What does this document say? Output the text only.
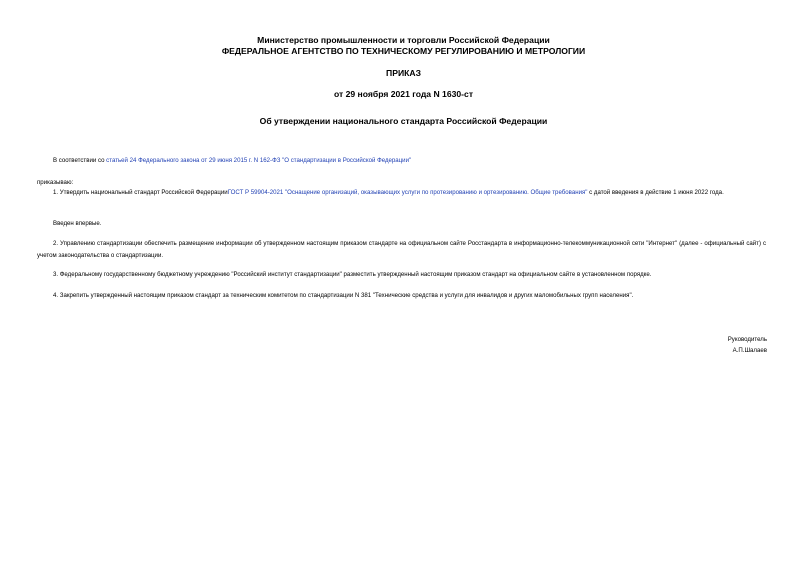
Министерство промышленности и торговли Российской Федерации
ФЕДЕРАЛЬНОЕ АГЕНТСТВО ПО ТЕХНИЧЕСКОМУ РЕГУЛИРОВАНИЮ И МЕТРОЛОГИИ
ПРИКАЗ
от 29 ноября 2021 года N 1630-ст
Об утверждении национального стандарта Российской Федерации
В соответствии со статьей 24 Федерального закона от 29 июня 2015 г. N 162-ФЗ "О стандартизации в Российской Федерации"
приказываю:
1. Утвердить национальный стандарт Российской ФедерацииГОСТ Р 59904-2021 "Оснащение организаций, оказывающих услуги по протезированию и ортезированию. Общие требования" с датой введения в действие 1 июня 2022 года.
Введен впервые.
2. Управлению стандартизации обеспечить размещение информации об утвержденном настоящим приказом стандарте на официальном сайте Росстандарта в информационно-телекоммуникационной сети "Интернет" (далее - официальный сайт) с учетом законодательства о стандартизации.
3. Федеральному государственному бюджетному учреждению "Российский институт стандартизации" разместить утвержденный настоящим приказом стандарт на официальном сайте в установленном порядке.
4. Закрепить утвержденный настоящим приказом стандарт за техническим комитетом по стандартизации N 381 "Технические средства и услуги для инвалидов и других маломобильных групп населения".
Руководитель
А.П.Шалаев
